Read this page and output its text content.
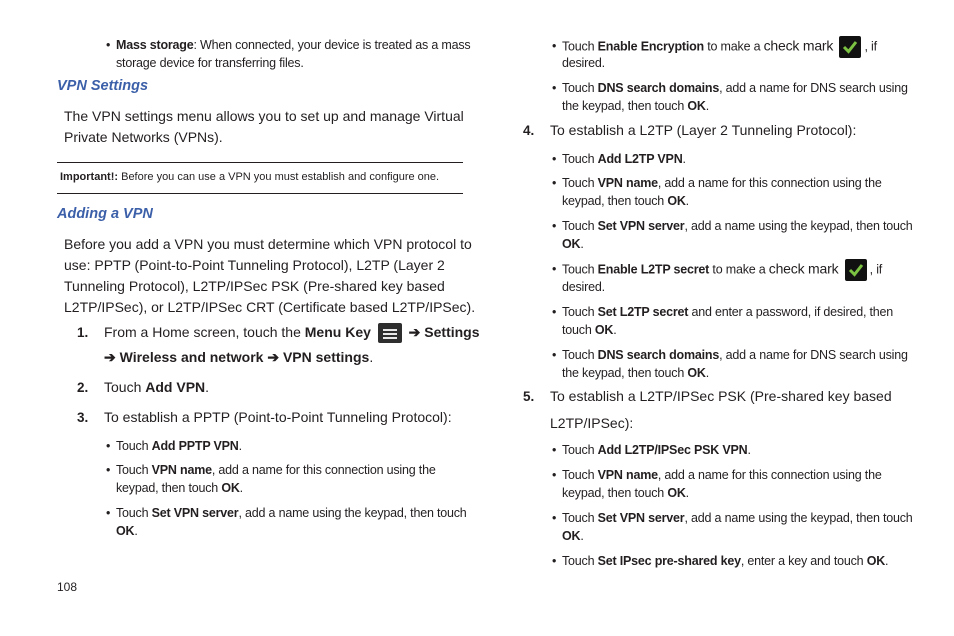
• Mass storage: When connected, your device is treated as a mass
storage device for transferring files.
VPN Settings
The VPN settings menu allows you to set up and manage Virtual
Private Networks (VPNs).
Important!: Before you can use a VPN you must establish and configure one.
Adding a VPN
Before you add a VPN you must determine which VPN protocol to
use: PPTP (Point-to-Point Tunneling Protocol), L2TP (Layer 2
Tunneling Protocol), L2TP/IPSec PSK (Pre-shared key based
L2TP/IPSec), or L2TP/IPSec CRT (Certificate based L2TP/IPSec).
1. From a Home screen, touch the Menu Key
➔ Settings
➔ Wireless and network ➔ VPN settings.
2. Touch Add VPN.
3. To establish a PPTP (Point-to-Point Tunneling Protocol):
• Touch Add PPTP VPN.
• Touch VPN name, add a name for this connection using the
keypad, then touch OK.
• Touch Set VPN server, add a name using the keypad, then touch
OK.
108
• Touch Enable Encryption to make a check mark	, if
desired.
• Touch DNS search domains, add a name for DNS search using
the keypad, then touch OK.
4. To establish a L2TP (Layer 2 Tunneling Protocol):
• Touch Add L2TP VPN.
• Touch VPN name, add a name for this connection using the
keypad, then touch OK.
• Touch Set VPN server, add a name using the keypad, then touch
OK.
• Touch Enable L2TP secret to make a check mark	, if
desired.
• Touch Set L2TP secret and enter a password, if desired, then
touch OK.
• Touch DNS search domains, add a name for DNS search using
the keypad, then touch OK.
5. To establish a L2TP/IPSec PSK (Pre-shared key based
L2TP/IPSec):
• Touch Add L2TP/IPSec PSK VPN.
• Touch VPN name, add a name for this connection using the
keypad, then touch OK.
• Touch Set VPN server, add a name using the keypad, then touch
OK.
• Touch Set IPsec pre-shared key, enter a key and touch OK.
